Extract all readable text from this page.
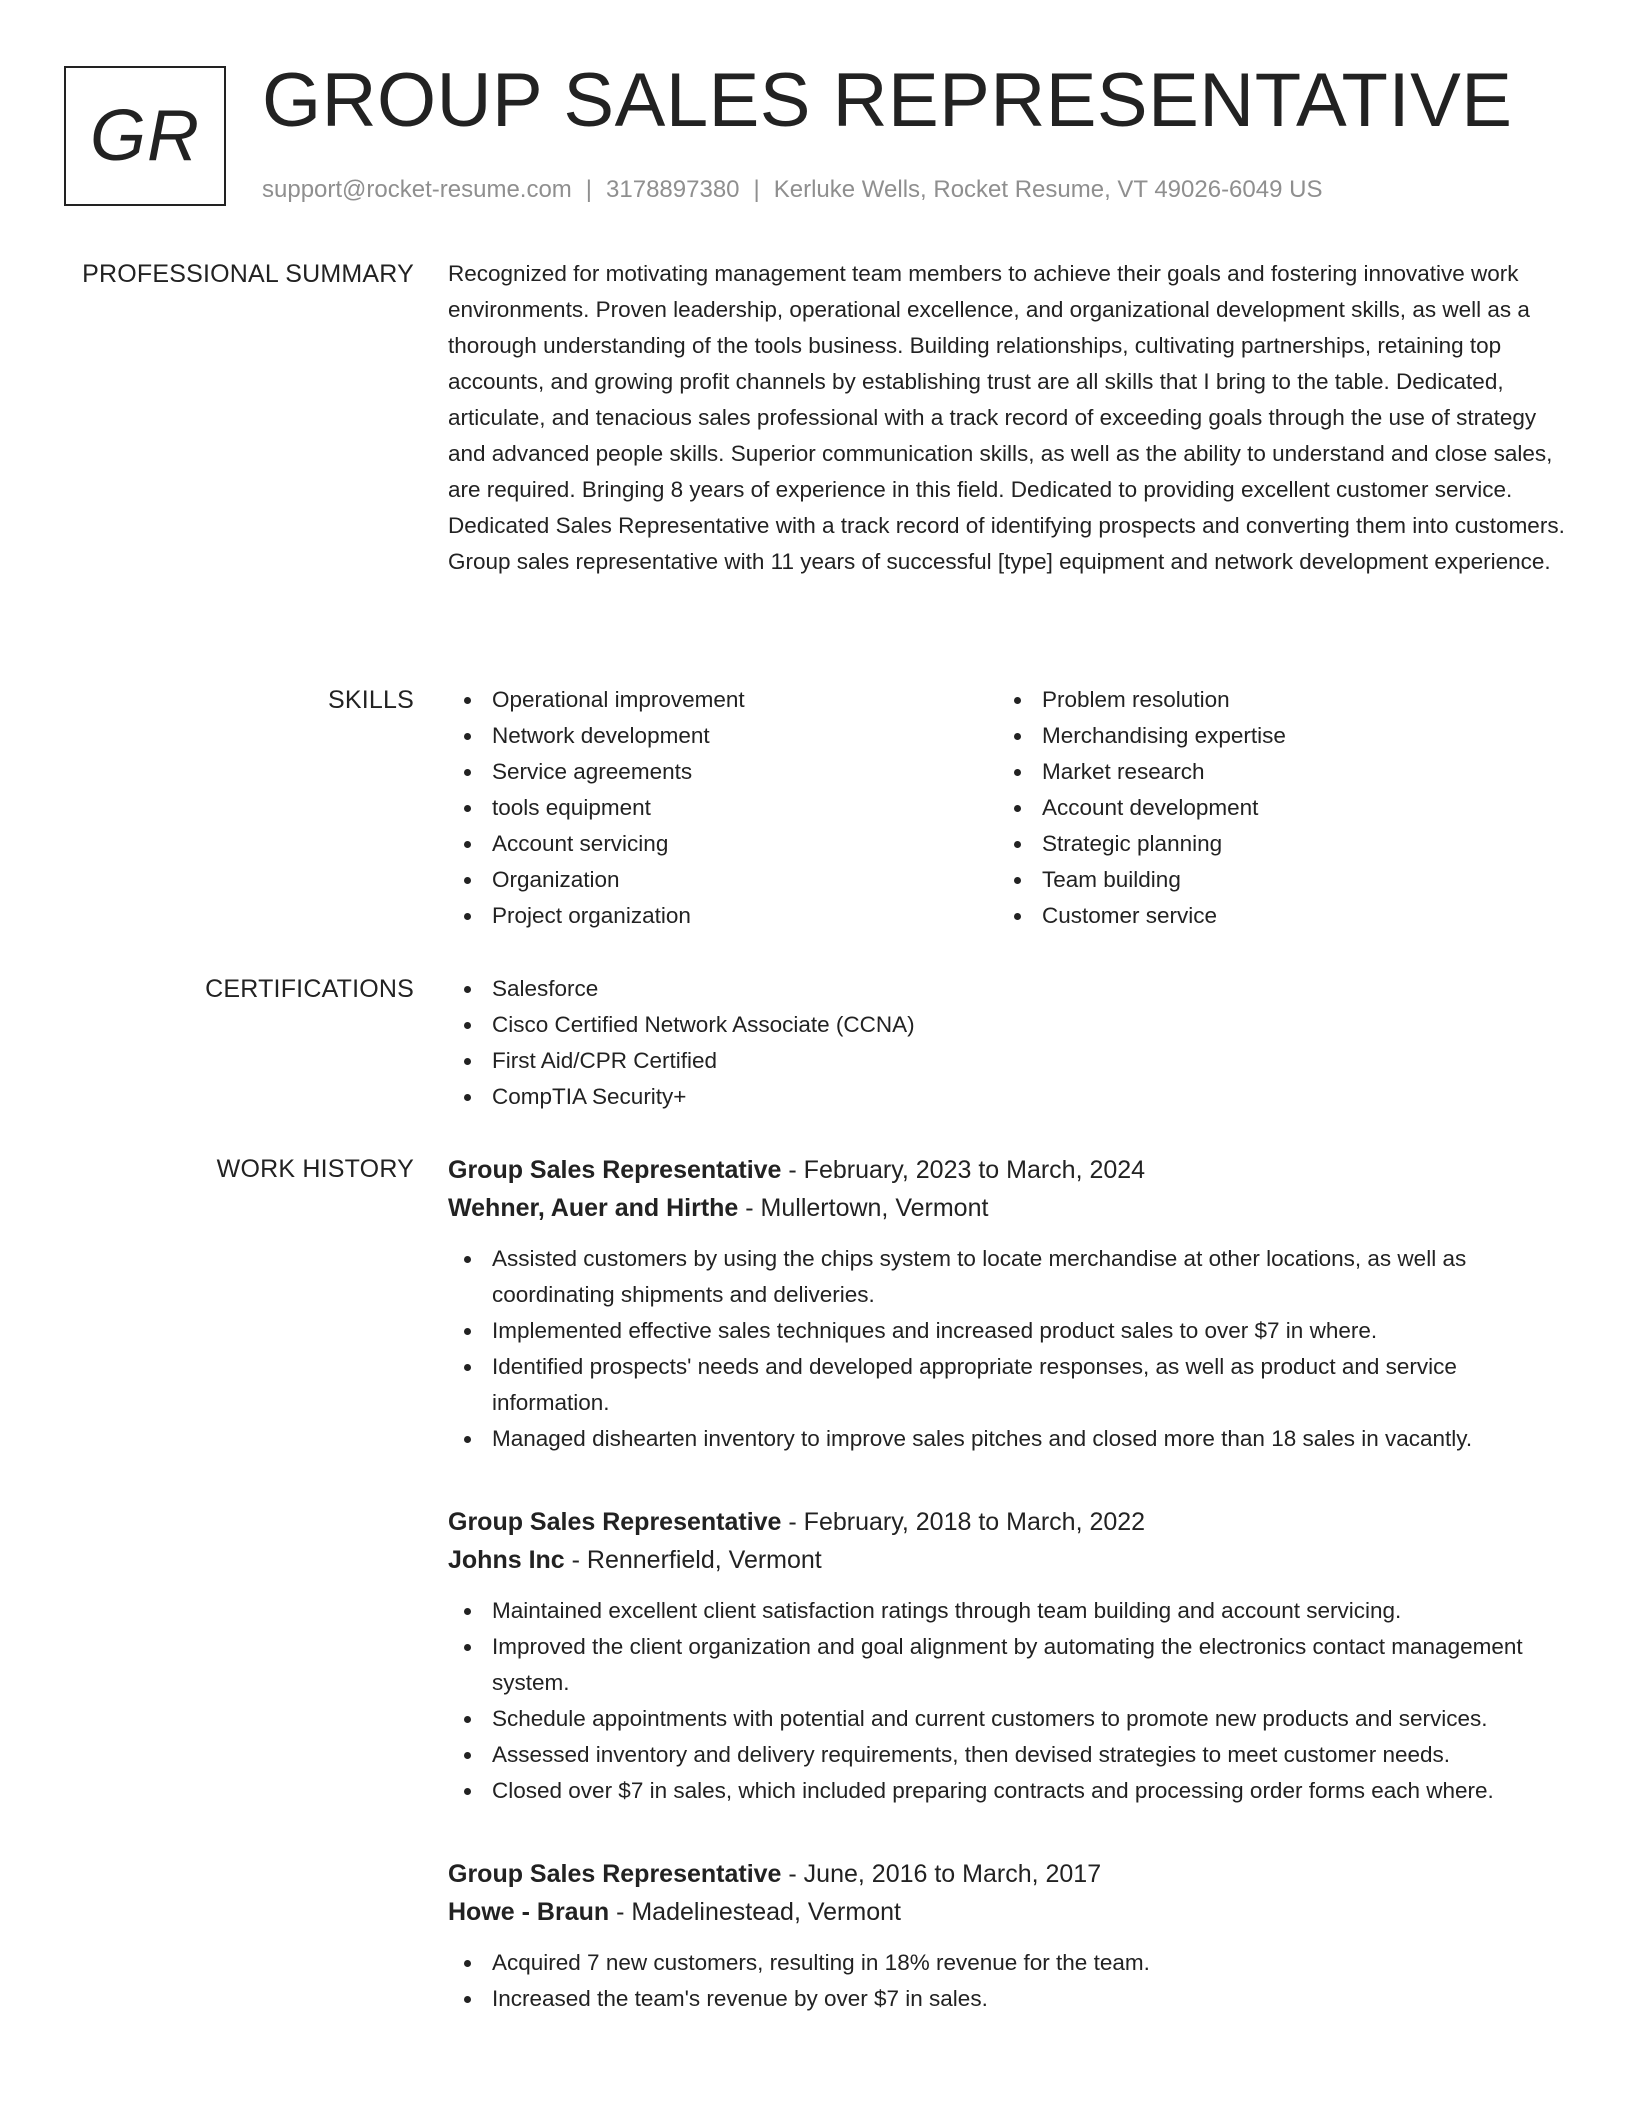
GR GROUP SALES REPRESENTATIVE
support@rocket-resume.com | 3178897380 | Kerluke Wells, Rocket Resume, VT 49026-6049 US
PROFESSIONAL SUMMARY Recognized for motivating management team members to achieve their goals and fostering innovative work environments. Proven leadership, operational excellence, and organizational development skills, as well as a thorough understanding of the tools business. Building relationships, cultivating partnerships, retaining top accounts, and growing profit channels by establishing trust are all skills that I bring to the table. Dedicated, articulate, and tenacious sales professional with a track record of exceeding goals through the use of strategy and advanced people skills. Superior communication skills, as well as the ability to understand and close sales, are required. Bringing 8 years of experience in this field. Dedicated to providing excellent customer service. Dedicated Sales Representative with a track record of identifying prospects and converting them into customers. Group sales representative with 11 years of successful [type] equipment and network development experience.

SKILLS	Operational improvement
Network development
Service agreements
tools equipment
Account servicing
Organization
Project organization
Problem resolution
Merchandising expertise
Market research
Account development
Strategic planning
Team building
Customer service
CERTIFICATIONS	Salesforce
Cisco Certified Network Associate (CCNA)
First Aid/CPR Certified
CompTIA Security+
WORK HISTORY Group Sales Representative - February, 2023 to March, 2024
Wehner, Auer and Hirthe - Mullertown, Vermont
Assisted customers by using the chips system to locate merchandise at other locations, as well as coordinating shipments and deliveries.
Implemented effective sales techniques and increased product sales to over $7 in where.
Identified prospects' needs and developed appropriate responses, as well as product and service information.
Managed dishearten inventory to improve sales pitches and closed more than 18 sales in vacantly.
Group Sales Representative - February, 2018 to March, 2022
Johns Inc - Rennerfield, Vermont
Maintained excellent client satisfaction ratings through team building and account servicing.
Improved the client organization and goal alignment by automating the electronics contact management system.
Schedule appointments with potential and current customers to promote new products and services.
Assessed inventory and delivery requirements, then devised strategies to meet customer needs.
Closed over $7 in sales, which included preparing contracts and processing order forms each where.
Group Sales Representative - June, 2016 to March, 2017
Howe - Braun - Madelinestead, Vermont
Acquired 7 new customers, resulting in 18% revenue for the team.
Increased the team's revenue by over $7 in sales.
